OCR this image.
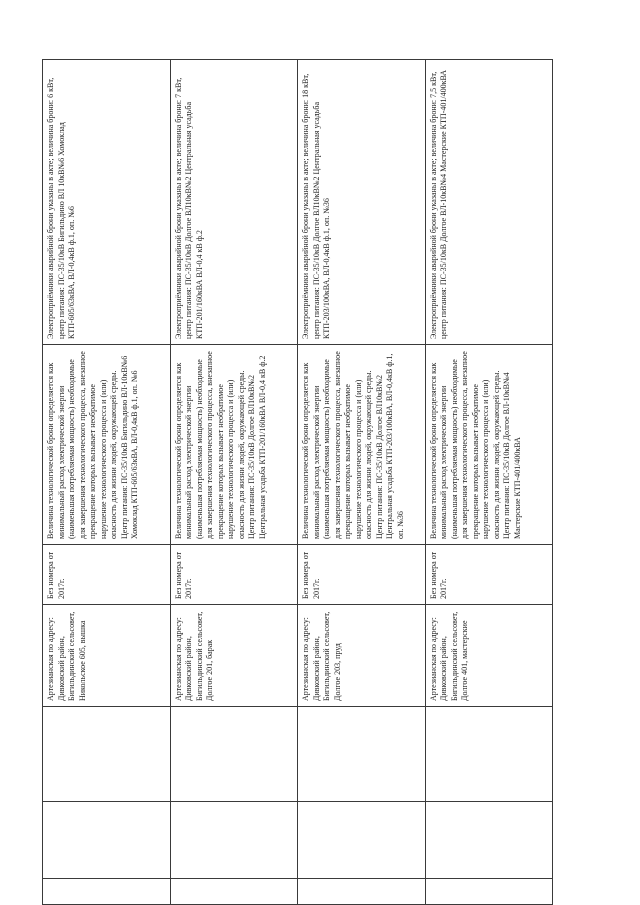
			Артезианская по адресу: Дивковский район, Бигильдинский сельсовет, Никольское 605, вышка	Без номера от 2017г.	Величина технологической брони определяется как минимальный расход электрической энергии (наименьшая потребляемая мощность) необходимые для завершения технологического процесса, внезапное прекращение которых вызывает необратимое нарушение технологического процесса и (или) опасность для жизни людей, окружающей среды. Центр питания: ПС-35/10кВ Бигильдино ВЛ-10кВ№6 Хомоклад КТП-605/63кВА, ВЛ-0,4кВ ф.1, оп. №6	Электроприёмники аварийной брони указаны в акте; величина брони: 6 кВт, центр питания: ПС-35/10кВ Бигильдино ВЛ 10кВ№6 Хомоклад КТП-605/63кВА, ВЛ-0,4кВ ф.1, оп. №6
			Артезианская по адресу: Дивковский район, Бигильдинский сельсовет, Долгое 201, барак	Без номера от 2017г.	Величина технологической брони определяется как минимальный расход электрической энергии (наименьшая потребляемая мощность) необходимые для завершения технологического процесса, внезапное прекращение которых вызывает необратимое нарушение технологического процесса и (или) опасность для жизни людей, окружающей среды. Центр питания: ПС-35/10кВ Долгое ВЛ10кВ№2 Центральная усадьба КТП-201/160кВА ВЛ-0,4 кВ ф.2	Электроприёмники аварийной брони указаны в акте; величина брони: 7 кВт, центр питания: ПС-35/10кВ Долгое ВЛ10кВ№2 Центральная усадьба КТП-201/160кВА ВЛ-0,4 кВ ф.2
			Артезианская по адресу: Дивковский район, Бигильдинский сельсовет, Долгое 203, пруд	Без номера от 2017г.	Величина технологической брони определяется как минимальный расход электрической энергии (наименьшая потребляемая мощность) необходимые для завершения технологического процесса, внезапное прекращение которых вызывает необратимое нарушение технологического процесса и (или) опасность для жизни людей, окружающей среды. Центр питания: ПС-35/10кВ Долгое ВЛ10кВ№2 Центральная усадьба КТП-203/100кВА, ВЛ-0,4кВ ф.1, оп. №36	Электроприёмники аварийной брони указаны в акте; величина брони: 18 кВт, центр питания: ПС-35/10кВ Долгое ВЛ10кВ№2 Центральная усадьба КТП-203/100кВА, ВЛ-0,4кВ ф.1, оп. №36
			Артезианская по адресу: Дивковский район, Бигильдинский сельсовет, Долгое 401, мастерские	Без номера от 2017г.	Величина технологической брони определяется как минимальный расход электрической энергии (наименьшая потребляемая мощность) необходимые для завершения технологического процесса, внезапное прекращение которых вызывает необратимое нарушение технологического процесса и (или) опасность для жизни людей, окружающей среды. Центр питания: ПС-35/10кВ Долгое ВЛ-10кВ№4 Мастерские КТП-401/400кВА	Электроприёмники аварийной брони указаны в акте; величина брони: 7,5 кВт, центр питания: ПС-35/10кВ Долгое ВЛ-10кВ№4 Мастерские КТП-401/400кВА
